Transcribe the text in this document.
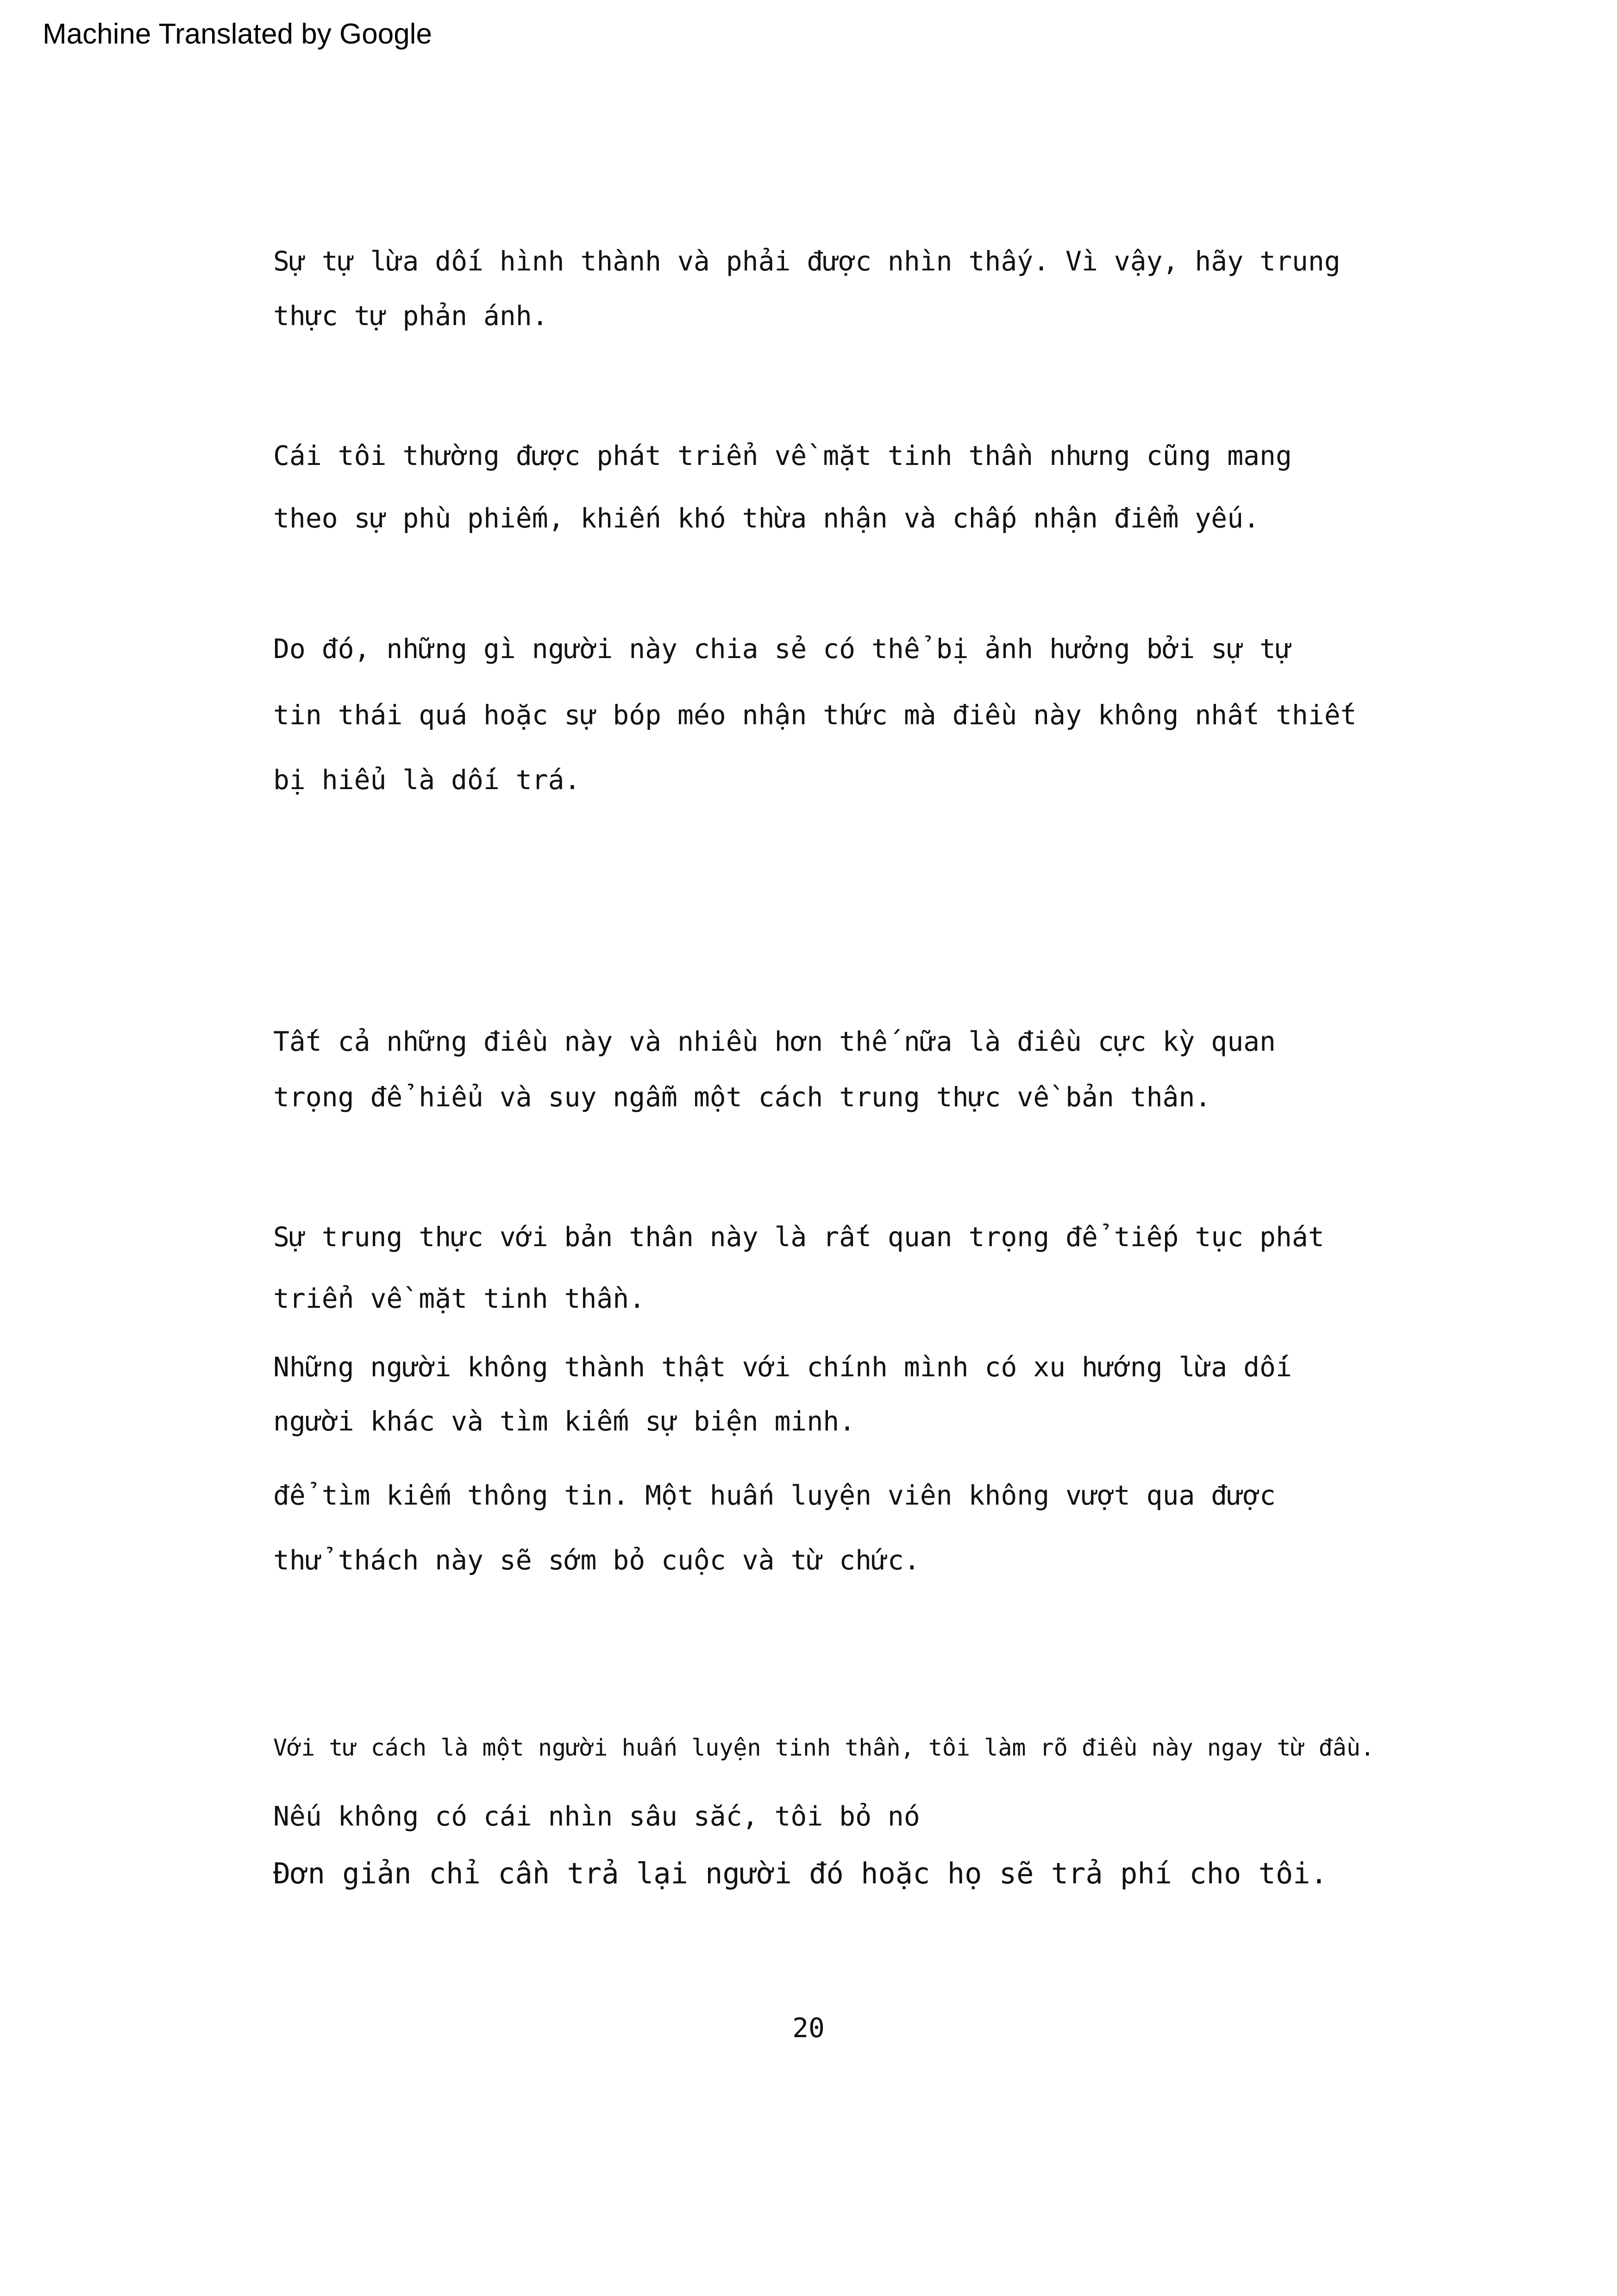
Machine Translated by Google
Sự tự lừa dối hình thành và phải được nhìn thấy. Vì vậy, hãy trung
thực tự phản ánh.
Cái tôi thường được phát triển về mặt tinh thần nhưng cũng mang
theo sự phù phiếm, khiến khó thừa nhận và chấp nhận điểm yếu.
Do đó, những gì người này chia sẻ có thể bị ảnh hưởng bởi sự tự
tin thái quá hoặc sự bóp méo nhận thức mà điều này không nhất thiết
bị hiểu là dối trá.
Tất cả những điều này và nhiều hơn thế nữa là điều cực kỳ quan
trọng để hiểu và suy ngẫm một cách trung thực về bản thân.
Sự trung thực với bản thân này là rất quan trọng để tiếp tục phát
triển về mặt tinh thần.
Những người không thành thật với chính mình có xu hướng lừa dối
người khác và tìm kiếm sự biện minh.
để tìm kiếm thông tin. Một huấn luyện viên không vượt qua được
thử thách này sẽ sớm bỏ cuộc và từ chức.
Với tư cách là một người huấn luyện tinh thần, tôi làm rõ điều này ngay từ đầu.
Nếu không có cái nhìn sâu sắc, tôi bỏ nó
Đơn giản chỉ cần trả lại người đó hoặc họ sẽ trả phí cho tôi.
20
